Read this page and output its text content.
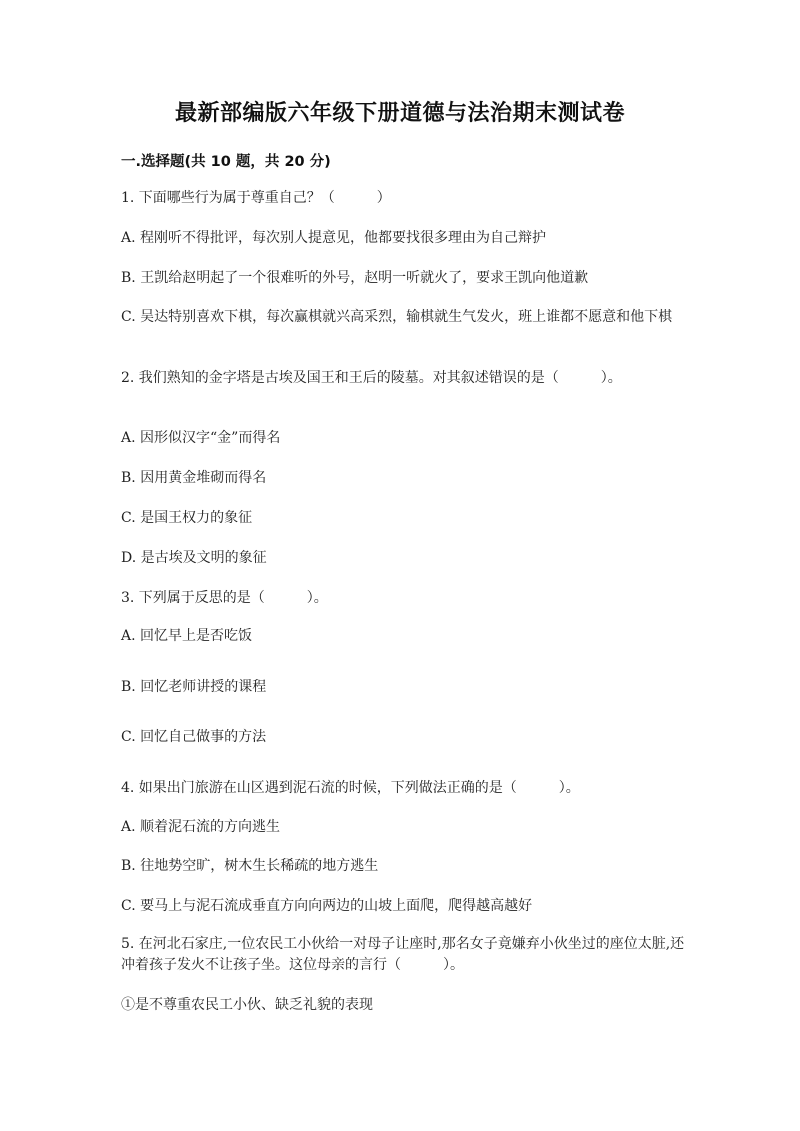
最新部编版六年级下册道德与法治期末测试卷
一.选择题(共 10 题，共 20 分)
1. 下面哪些行为属于尊重自己？（　　　）
A. 程刚听不得批评，每次别人提意见，他都要找很多理由为自己辩护
B. 王凯给赵明起了一个很难听的外号，赵明一听就火了，要求王凯向他道歉
C. 吴达特别喜欢下棋，每次赢棋就兴高采烈，输棋就生气发火，班上谁都不愿意和他下棋
2. 我们熟知的金字塔是古埃及国王和王后的陵墓。对其叙述错误的是（　　　）。
A. 因形似汉字“金”而得名
B. 因用黄金堆砌而得名
C. 是国王权力的象征
D. 是古埃及文明的象征
3. 下列属于反思的是（　　　）。
A. 回忆早上是否吃饭
B. 回忆老师讲授的课程
C. 回忆自己做事的方法
4. 如果出门旅游在山区遇到泥石流的时候，下列做法正确的是（　　　）。
A. 顺着泥石流的方向逃生
B. 往地势空旷，树木生长稀疏的地方逃生
C. 要马上与泥石流成垂直方向向两边的山坡上面爬，爬得越高越好
5. 在河北石家庄,一位农民工小伙给一对母子让座时,那名女子竟嫌弃小伙坐过的座位太脏,还冲着孩子发火不让孩子坐。这位母亲的言行（　　　）。
①是不尊重农民工小伙、缺乏礼貌的表现
